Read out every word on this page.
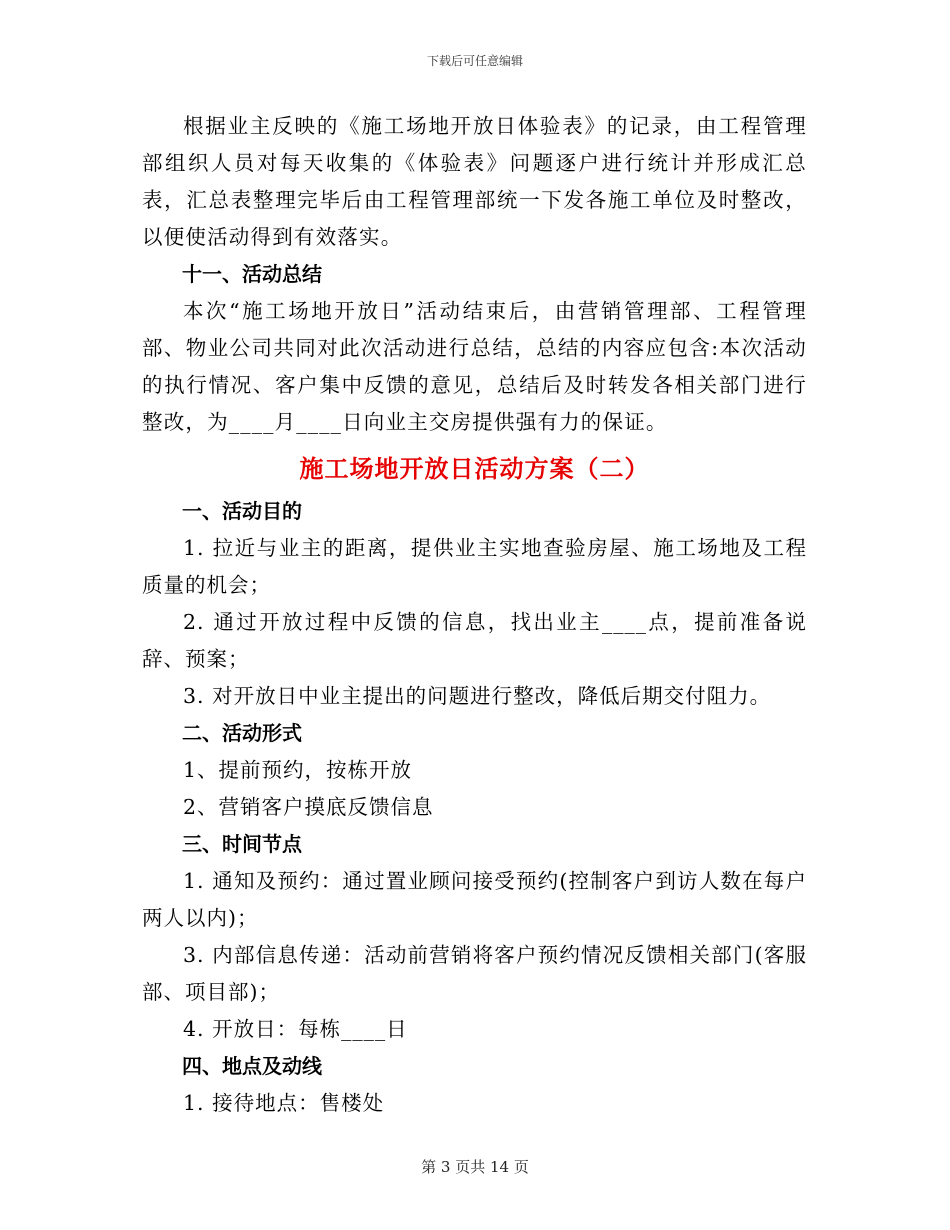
下载后可任意编辑

根据业主反映的《施工场地开放日体验表》的记录，由工程管理部组织人员对每天收集的《体验表》问题逐户进行统计并形成汇总表，汇总表整理完毕后由工程管理部统一下发各施工单位及时整改，以便使活动得到有效落实。

十一、活动总结

本次“施工场地开放日”活动结束后，由营销管理部、工程管理部、物业公司共同对此次活动进行总结，总结的内容应包含:本次活动的执行情况、客户集中反馈的意见，总结后及时转发各相关部门进行整改，为____月____日向业主交房提供强有力的保证。

施工场地开放日活动方案（二）

一、活动目的

1. 拉近与业主的距离，提供业主实地查验房屋、施工场地及工程质量的机会；

2. 通过开放过程中反馈的信息，找出业主____点，提前准备说辞、预案；

3. 对开放日中业主提出的问题进行整改，降低后期交付阻力。

二、活动形式

1、提前预约，按栋开放

2、营销客户摸底反馈信息

三、时间节点

1. 通知及预约：通过置业顾问接受预约(控制客户到访人数在每户两人以内)；

3. 内部信息传递：活动前营销将客户预约情况反馈相关部门(客服部、项目部)；

4. 开放日：每栋____日

四、地点及动线

1. 接待地点：售楼处

第 3 页共 14 页
